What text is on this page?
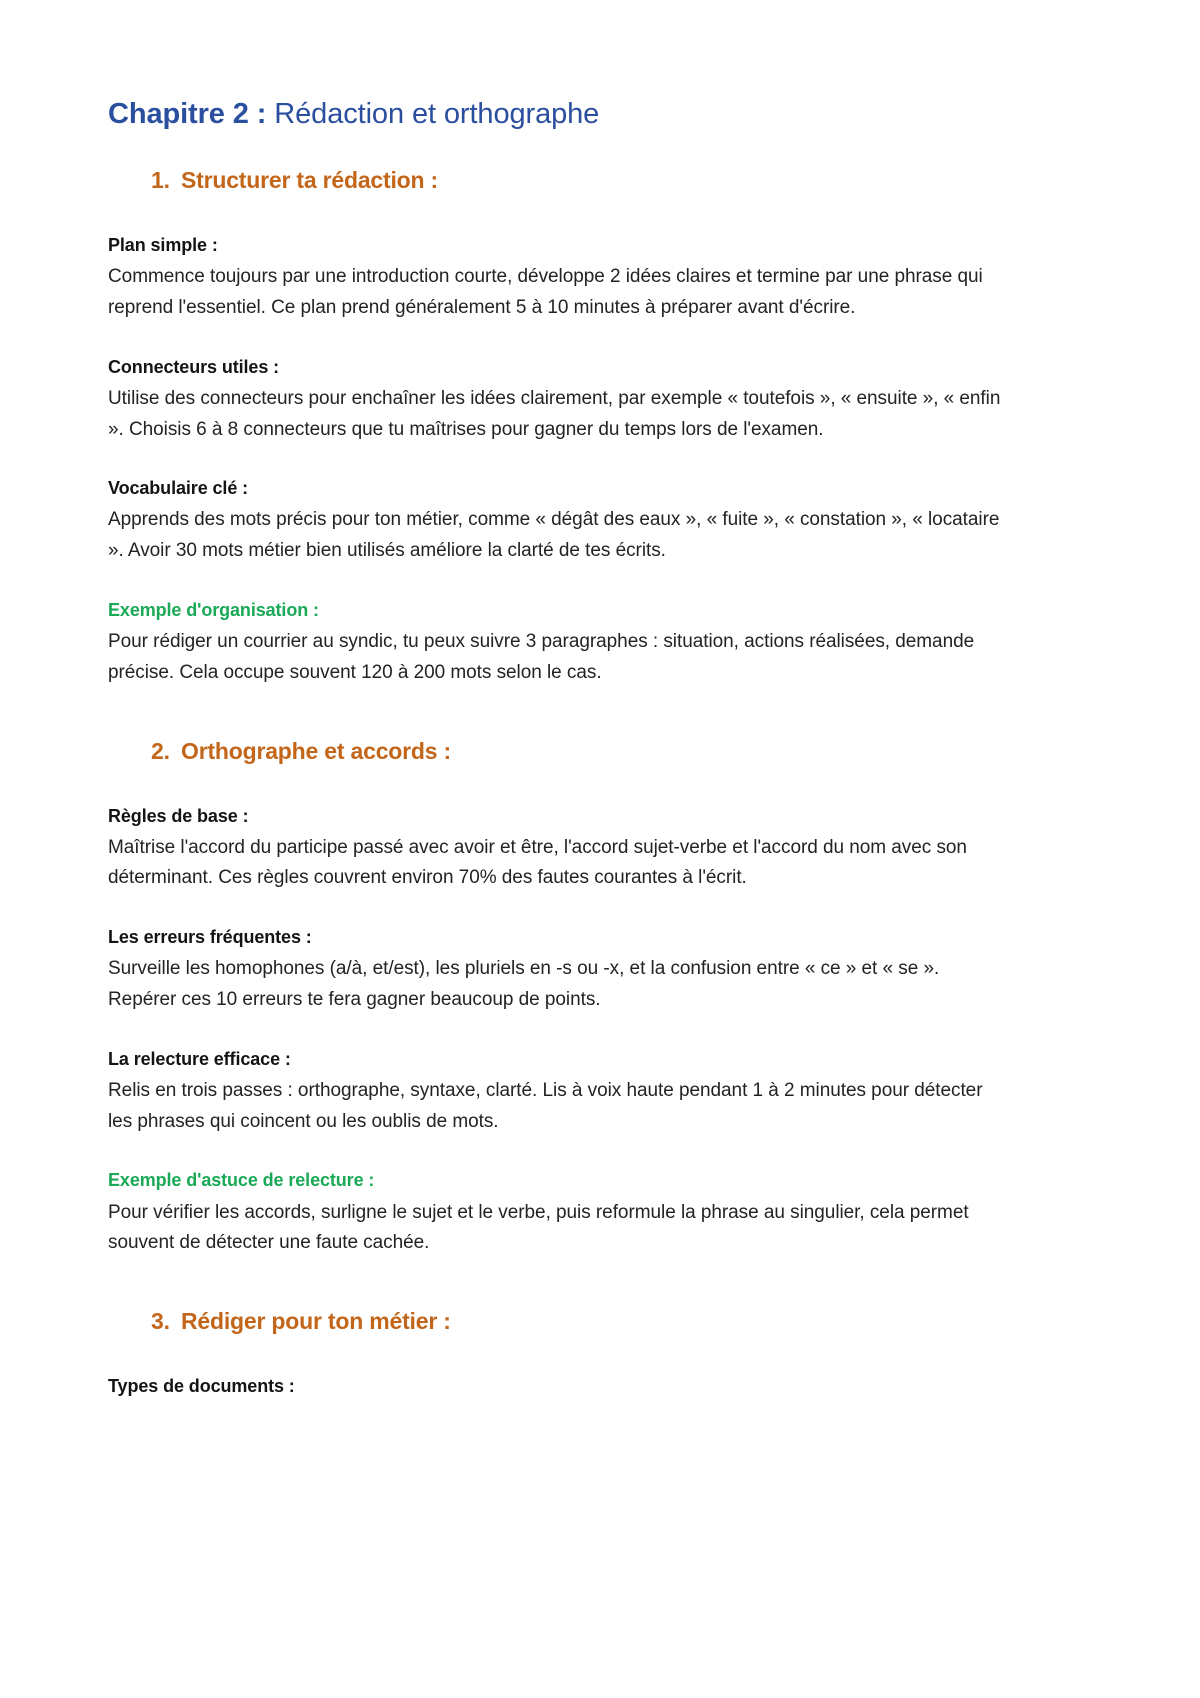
Chapitre 2 : Rédaction et orthographe
1. Structurer ta rédaction :

Plan simple :

Commence toujours par une introduction courte, développe 2 idées claires et termine par une phrase qui reprend l'essentiel. Ce plan prend généralement 5 à 10 minutes à préparer avant d'écrire.

Connecteurs utiles :

Utilise des connecteurs pour enchaîner les idées clairement, par exemple « toutefois », « ensuite », « enfin ». Choisis 6 à 8 connecteurs que tu maîtrises pour gagner du temps lors de l'examen.

Vocabulaire clé :

Apprends des mots précis pour ton métier, comme « dégât des eaux », « fuite », « constation », « locataire ». Avoir 30 mots métier bien utilisés améliore la clarté de tes écrits.

Exemple d'organisation :

Pour rédiger un courrier au syndic, tu peux suivre 3 paragraphes : situation, actions réalisées, demande précise. Cela occupe souvent 120 à 200 mots selon le cas.

2. Orthographe et accords :

Règles de base :

Maîtrise l'accord du participe passé avec avoir et être, l'accord sujet-verbe et l'accord du nom avec son déterminant. Ces règles couvrent environ 70% des fautes courantes à l'écrit.

Les erreurs fréquentes :

Surveille les homophones (a/à, et/est), les pluriels en -s ou -x, et la confusion entre « ce » et « se ». Repérer ces 10 erreurs te fera gagner beaucoup de points.

La relecture efficace :

Relis en trois passes : orthographe, syntaxe, clarté. Lis à voix haute pendant 1 à 2 minutes pour détecter les phrases qui coincent ou les oublis de mots.

Exemple d'astuce de relecture :

Pour vérifier les accords, surligne le sujet et le verbe, puis reformule la phrase au singulier, cela permet souvent de détecter une faute cachée.

3. Rédiger pour ton métier :

Types de documents :
